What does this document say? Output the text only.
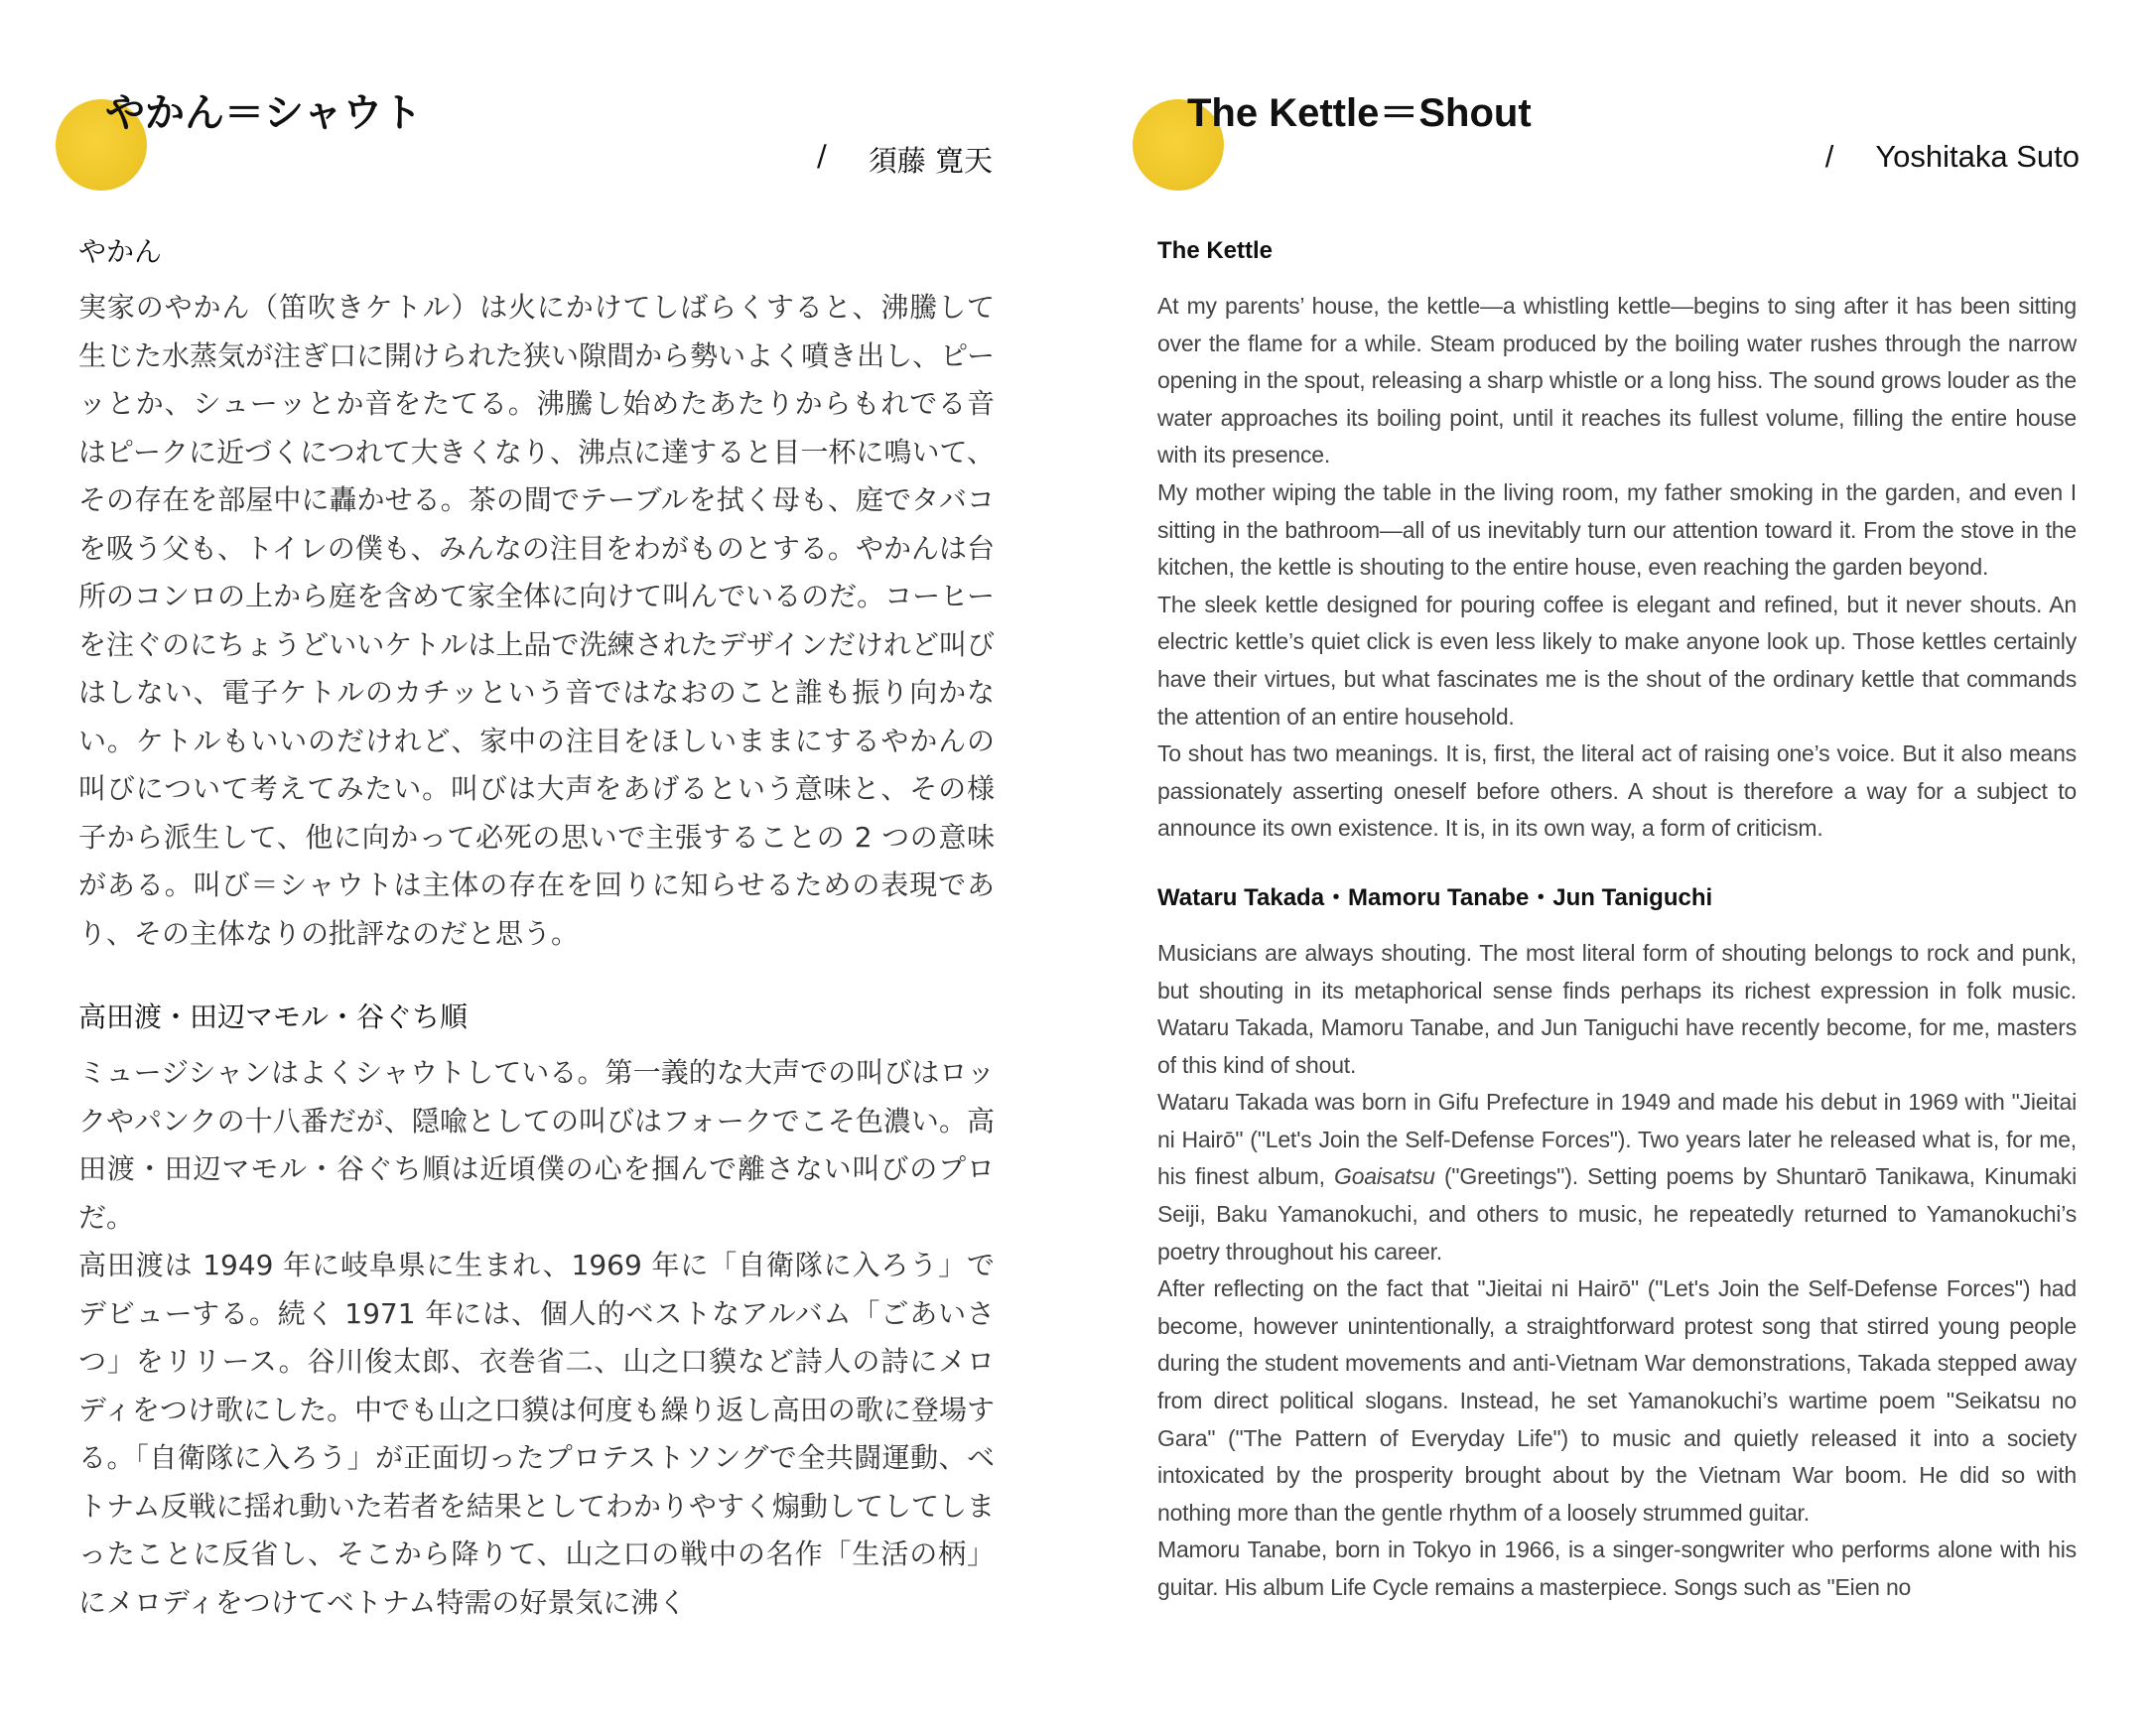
やかん＝シャウト
/ 須藤 寛天
やかん

実家のやかん（笛吹きケトル）は火にかけてしばらくすると、沸騰して生じた水蒸気が注ぎ口に開けられた狭い隙間から勢いよく噴き出し、ピーッとか、シューッとか音をたてる。沸騰し始めたあたりからもれでる音はピークに近づくにつれて大きくなり、沸点に達すると目一杯に鳴いて、その存在を部屋中に轟かせる。茶の間でテーブルを拭く母も、庭でタバコを吸う父も、トイレの僕も、みんなの注目をわがものとする。やかんは台所のコンロの上から庭を含めて家全体に向けて叫んでいるのだ。コーヒーを注ぐのにちょうどいいケトルは上品で洗練されたデザインだけれど叫びはしない、電子ケトルのカチッという音ではなおのこと誰も振り向かない。ケトルもいいのだけれど、家中の注目をほしいままにするやかんの叫びについて考えてみたい。叫びは大声をあげるという意味と、その様子から派生して、他に向かって必死の思いで主張することの 2 つの意味がある。叫び＝シャウトは主体の存在を回りに知らせるための表現であり、その主体なりの批評なのだと思う。

高田渡・田辺マモル・谷ぐち順

ミュージシャンはよくシャウトしている。第一義的な大声での叫びはロックやパンクの十八番だが、隠喩としての叫びはフォークでこそ色濃い。高田渡・田辺マモル・谷ぐち順は近頃僕の心を掴んで離さない叫びのプロだ。

高田渡は 1949 年に岐阜県に生まれ、1969 年に「自衛隊に入ろう」でデビューする。続く 1971 年には、個人的ベストなアルバム「ごあいさつ」をリリース。谷川俊太郎、衣巻省二、山之口貘など詩人の詩にメロディをつけ歌にした。中でも山之口貘は何度も繰り返し高田の歌に登場する。「自衛隊に入ろう」が正面切ったプロテストソングで全共闘運動、ベトナム反戦に揺れ動いた若者を結果としてわかりやすく煽動してしてしまったことに反省し、そこから降りて、山之口の戦中の名作「生活の柄」にメロディをつけてベトナム特需の好景気に沸く

The Kettle＝Shout
/ Yoshitaka Suto
The Kettle

At my parents’ house, the kettle—a whistling kettle—begins to sing after it has been sitting over the flame for a while. Steam produced by the boiling water rushes through the narrow opening in the spout, releasing a sharp whistle or a long hiss. The sound grows louder as the water approaches its boiling point, until it reaches its fullest volume, filling the entire house with its presence.

My mother wiping the table in the living room, my father smoking in the garden, and even I sitting in the bathroom—all of us inevitably turn our attention toward it. From the stove in the kitchen, the kettle is shouting to the entire house, even reaching the garden beyond.

The sleek kettle designed for pouring coffee is elegant and refined, but it never shouts. An electric kettle’s quiet click is even less likely to make anyone look up. Those kettles certainly have their virtues, but what fascinates me is the shout of the ordinary kettle that commands the attention of an entire household.

To shout has two meanings. It is, first, the literal act of raising one’s voice. But it also means passionately asserting oneself before others. A shout is therefore a way for a subject to announce its own existence. It is, in its own way, a form of criticism.

Wataru Takada・Mamoru Tanabe・Jun Taniguchi

Musicians are always shouting. The most literal form of shouting belongs to rock and punk, but shouting in its metaphorical sense finds perhaps its richest expression in folk music. Wataru Takada, Mamoru Tanabe, and Jun Taniguchi have recently become, for me, masters of this kind of shout.

Wataru Takada was born in Gifu Prefecture in 1949 and made his debut in 1969 with "Jieitai ni Hairō" ("Let's Join the Self-Defense Forces"). Two years later he released what is, for me, his finest album, Goaisatsu ("Greetings"). Setting poems by Shuntarō Tanikawa, Kinumaki Seiji, Baku Yamanokuchi, and others to music, he repeatedly returned to Yamanokuchi’s poetry throughout his career.

After reflecting on the fact that "Jieitai ni Hairō" ("Let's Join the Self-Defense Forces") had become, however unintentionally, a straightforward protest song that stirred young people during the student movements and anti-Vietnam War demonstrations, Takada stepped away from direct political slogans. Instead, he set Yamanokuchi’s wartime poem "Seikatsu no Gara" ("The Pattern of Everyday Life") to music and quietly released it into a society intoxicated by the prosperity brought about by the Vietnam War boom. He did so with nothing more than the gentle rhythm of a loosely strummed guitar.

Mamoru Tanabe, born in Tokyo in 1966, is a singer-songwriter who performs alone with his guitar. His album Life Cycle remains a masterpiece. Songs such as "Eien no
